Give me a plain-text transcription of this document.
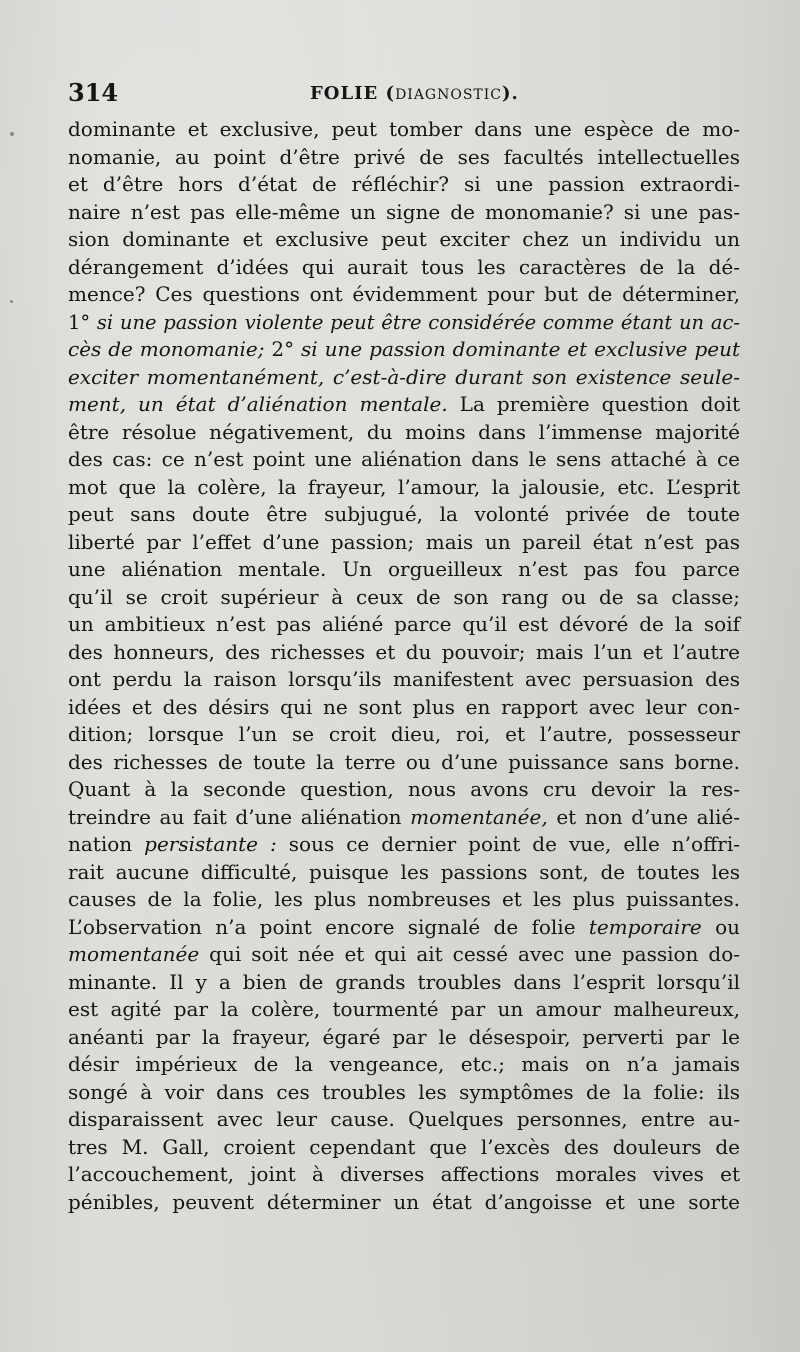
314	FOLIE (DIAGNOSTIC).
dominante et exclusive, peut tomber dans une espèce de mo-
nomanie, au point d’être privé de ses facultés intellectuelles
et d’être hors d’état de réfléchir? si une passion extraordi-
naire n’est pas elle-même un signe de monomanie? si une pas-
sion dominante et exclusive peut exciter chez un individu un
dérangement d’idées qui aurait tous les caractères de la dé-
mence? Ces questions ont évidemment pour but de déterminer,
1° si une passion violente peut être considérée comme étant un ac-
cès de monomanie; 2° si une passion dominante et exclusive peut
exciter momentanément, c’est-à-dire durant son existence seule-
ment, un état d’aliénation mentale. La première question doit
être résolue négativement, du moins dans l’immense majorité
des cas: ce n’est point une aliénation dans le sens attaché à ce
mot que la colère, la frayeur, l’amour, la jalousie, etc. L’esprit
peut sans doute être subjugué, la volonté privée de toute
liberté par l’effet d’une passion; mais un pareil état n’est pas
une aliénation mentale. Un orgueilleux n’est pas fou parce
qu’il se croit supérieur à ceux de son rang ou de sa classe;
un ambitieux n’est pas aliéné parce qu’il est dévoré de la soif
des honneurs, des richesses et du pouvoir; mais l’un et l’autre
ont perdu la raison lorsqu’ils manifestent avec persuasion des
idées et des désirs qui ne sont plus en rapport avec leur con-
dition; lorsque l’un se croit dieu, roi, et l’autre, possesseur
des richesses de toute la terre ou d’une puissance sans borne.
Quant à la seconde question, nous avons cru devoir la res-
treindre au fait d’une aliénation momentanée, et non d’une alié-
nation persistante : sous ce dernier point de vue, elle n’offri-
rait aucune difficulté, puisque les passions sont, de toutes les
causes de la folie, les plus nombreuses et les plus puissantes.
L’observation n’a point encore signalé de folie temporaire ou
momentanée qui soit née et qui ait cessé avec une passion do-
minante. Il y a bien de grands troubles dans l’esprit lorsqu’il
est agité par la colère, tourmenté par un amour malheureux,
anéanti par la frayeur, égaré par le désespoir, perverti par le
désir impérieux de la vengeance, etc.; mais on n’a jamais
songé à voir dans ces troubles les symptômes de la folie: ils
disparaissent avec leur cause. Quelques personnes, entre au-
tres M. Gall, croient cependant que l’excès des douleurs de
l’accouchement, joint à diverses affections morales vives et
pénibles, peuvent déterminer un état d’angoisse et une sorte
